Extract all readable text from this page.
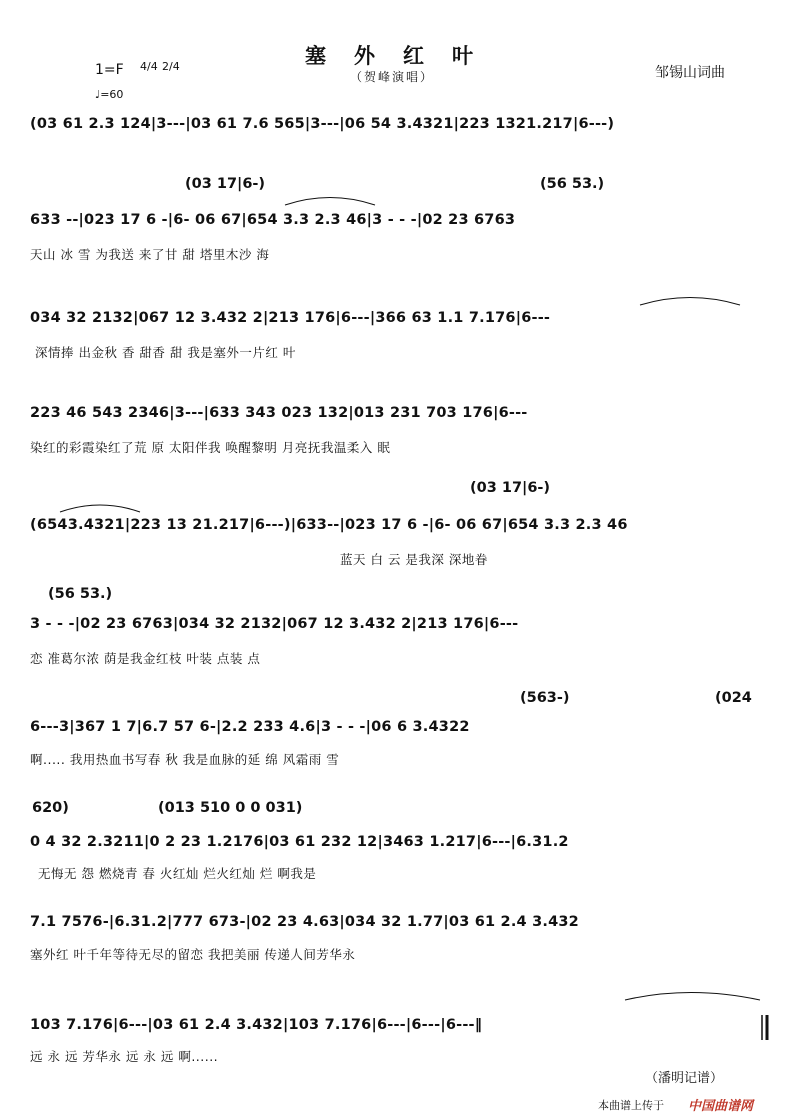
塞外红叶
（贺峰演唱）	邹锡山词曲
1=F 4/4 2/4
♩=60
(03 61 2.3 124|3---|03 61 7.6 565|3---|06 54 3.4321|223 1321.217|6---)
(03 17|6-)	(56 53.)
633 --|023 17 6 -|6- 06 67|654 3.3 2.3 46|3 - - -|02 23 6763
天山 冰 雪 为我送 来了甘 甜 塔里木沙 海
034 32 2132|067 12 3.432 2|213 176|6---|366 63 1.1 7.176|6---
深情捧 出金秋 香 甜香 甜 我是塞外一片红 叶
223 46 543 2346|3---|633 343 023 132|013 231 703 176|6---
染红的彩霞染红了荒 原 太阳伴我 唤醒黎明 月亮抚我温柔入 眠
(03 17|6-)
(6543.4321|223 13 21.217|6---)|633--|023 17 6 -|6- 06 67|654 3.3 2.3 46
蓝天 白 云 是我深 深地眷
(56 53.)
3 - - -|02 23 6763|034 32 2132|067 12 3.432 2|213 176|6---
恋 准葛尔浓 荫是我金红枝 叶装 点装 点
(563-)	(024
6---3|367 1 7|6.7 57 6-|2.2 233 4.6|3 - - -|06 6 3.4322
啊..... 我用热血书写春 秋 我是血脉的延 绵 风霜雨 雪
620)	(013 510 0 0 031)
0 4 32 2.3211|0 2 23 1.2176|03 61 232 12|3463 1.217|6---|6.31.2
无悔无 怨 燃烧青 春 火红灿 烂火红灿 烂 啊我是
7.1 7576-|6.31.2|777 673-|02 23 4.63|034 32 1.77|03 61 2.4 3.432
塞外红 叶千年等待无尽的留恋 我把美丽 传递人间芳华永
103 7.176|6---|03 61 2.4 3.432|103 7.176|6---|6---|6---‖
远 永 远 芳华永 远 永 远 啊......
（潘明记谱）
本曲谱上传于 中国曲谱网
